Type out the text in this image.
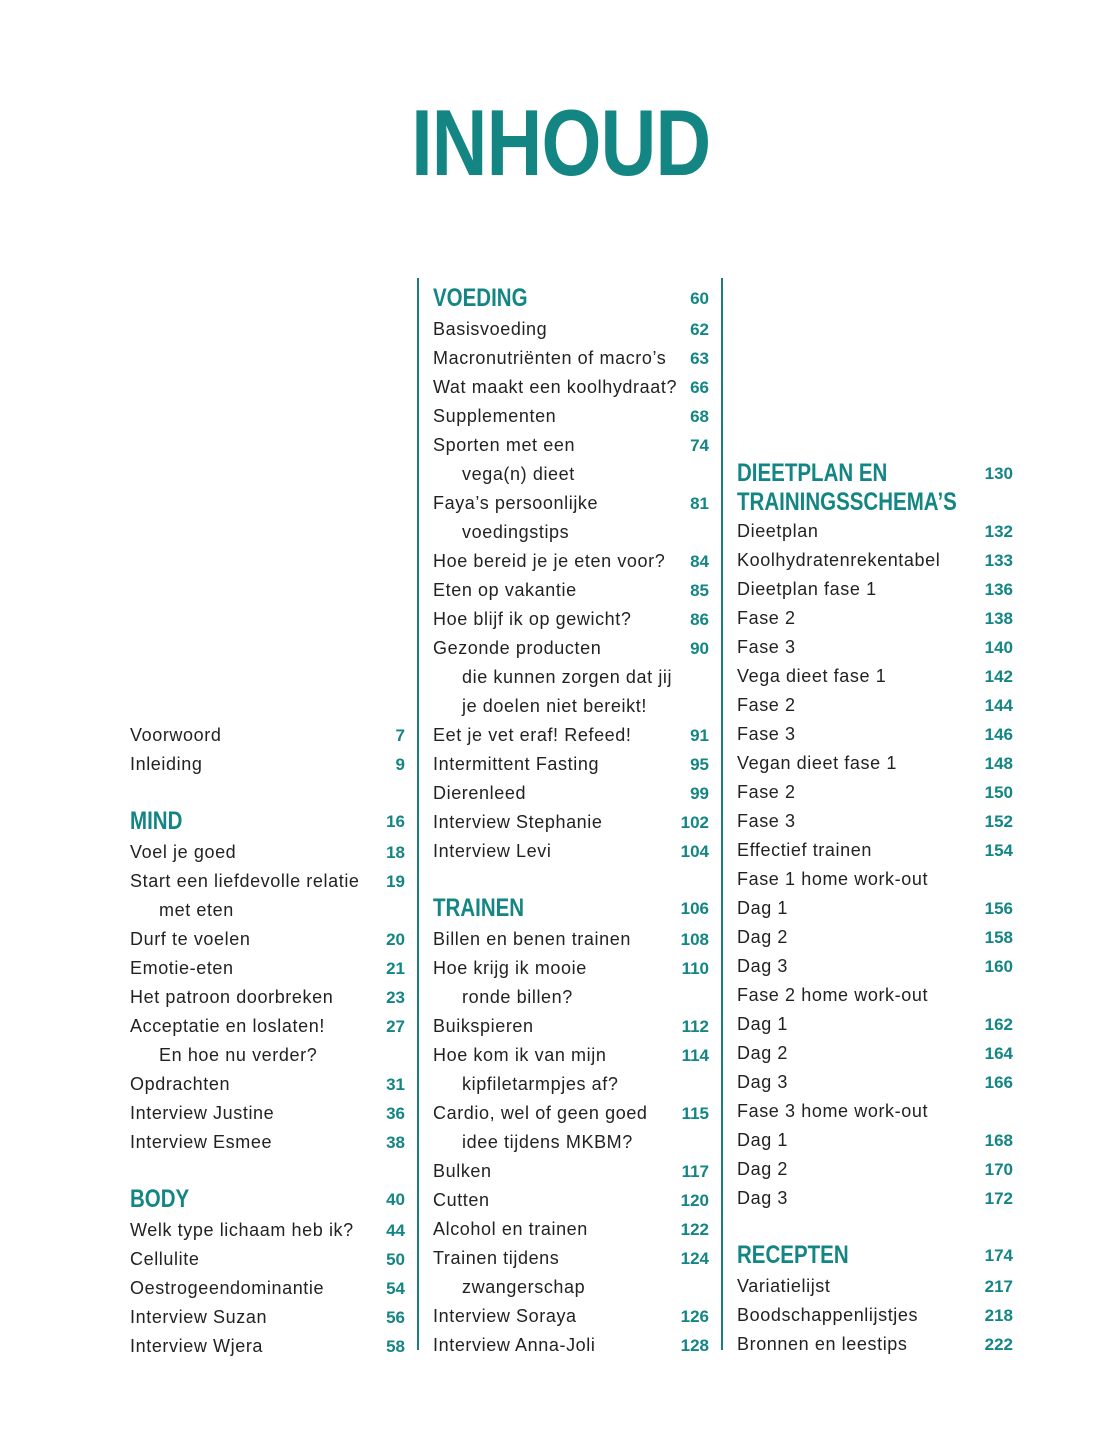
INHOUD
Voorwoord	7
Inleiding	9
MIND	16
Voel je goed	18
Start een liefdevolle relatie 19
met eten
Durf te voelen	20
Emotie-eten	21
Het patroon doorbreken	23
Acceptatie en loslaten!	27
En hoe nu verder?
Opdrachten	31
Interview Justine	36
Interview Esmee	38
BODY	40
Welk type lichaam heb ik? 44
Cellulite	50
Oestrogeendominantie	54
Interview Suzan	56
Interview Wjera	58
VOEDING	60
Basisvoeding	62
Macronutriënten of macro’s 63
Wat maakt een koolhydraat? 66
Supplementen	68
Sporten met een	74
vega(n) dieet
Faya’s persoonlijke	81
voedingstips
Hoe bereid je je eten voor? 84
Eten op vakantie	85
Hoe blijf ik op gewicht?	86
Gezonde producten	90
die kunnen zorgen dat jij
je doelen niet bereikt!
Eet je vet eraf! Refeed!	91
Intermittent Fasting	95
Dierenleed	99
Interview Stephanie	102
Interview Levi	104
TRAINEN	106
Billen en benen trainen	108
Hoe krijg ik mooie	110
ronde billen?
Buikspieren	112
Hoe kom ik van mijn	114
kipfiletarmpjes af?
Cardio, wel of geen goed 115
idee tijdens MKBM?
Bulken	117
Cutten	120
Alcohol en trainen	122
Trainen tijdens	124
zwangerschap
Interview Soraya	126
Interview Anna-Joli	128
DIEETPLAN EN	130
TRAININGSSCHEMA’S
Dieetplan	132
Koolhydratenrekentabel	133
Dieetplan fase 1	136
Fase 2	138
Fase 3	140
Vega dieet fase 1	142
Fase 2	144
Fase 3	146
Vegan dieet fase 1	148
Fase 2	150
Fase 3	152
Effectief trainen	154
Fase 1 home work-out
Dag 1	156
Dag 2	158
Dag 3	160
Fase 2 home work-out
Dag 1	162
Dag 2	164
Dag 3	166
Fase 3 home work-out
Dag 1	168
Dag 2	170
Dag 3	172
RECEPTEN	174
Variatielijst	217
Boodschappenlijstjes	218
Bronnen en leestips	222
